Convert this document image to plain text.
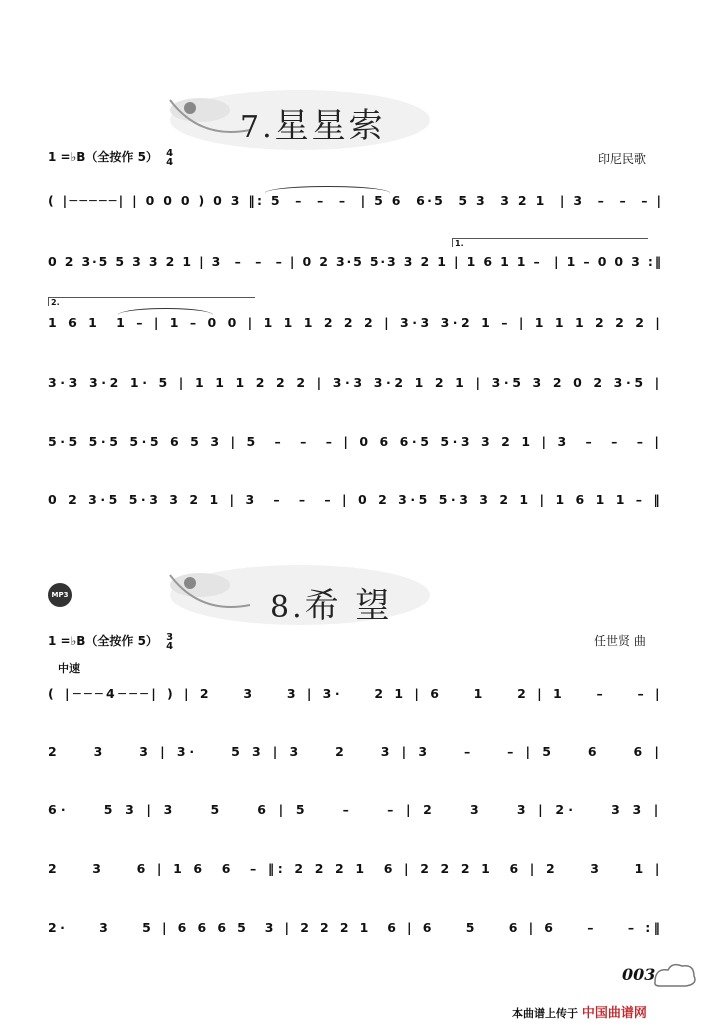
7.星星索
1 =♭B（全按作 5） 4
4	印尼民歌
( |─────| | 0 0 0 ) 0 3 ‖: 5  –  –  –  | 5 6  6·5  5 3  3 2 1  | 3  –  –  – |
0 2 3·5 5 3 3 2 1 | 3  –  –  – | 0 2 3·5 5·3 3 2 1 | 1 6 1 1 –  | 1 – 0 0 3 :‖
1.
1 6 1  1 – | 1 – 0 0 | 1 1 1 2 2 2 | 3·3 3·2 1 – | 1 1 1 2 2 2 |
2.
3·3 3·2 1· 5 | 1 1 1 2 2 2 | 3·3 3·2 1 2 1 | 3·5 3 2 0 2 3·5 |
5·5 5·5 5·5 6 5 3 | 5  –  –  – | 0 6 6·5 5·3 3 2 1 | 3  –  –  – |
0 2 3·5 5·3 3 2 1 | 3  –  –  – | 0 2 3·5 5·3 3 2 1 | 1 6 1 1 – ‖
MP3	8.希 望
1 =♭B（全按作 5） 3
4	任世贤 曲
中速
( |───4───| ) | 2    3    3 | 3·    2 1 | 6    1    2 | 1    –    – |
2    3    3 | 3·    5 3 | 3    2    3 | 3    –    – | 5    6    6 |
6·    5 3 | 3    5    6 | 5    –    – | 2    3    3 | 2·    3 3 |
2    3    6 | 1 6  6  – ‖: 2 2 2 1  6 | 2 2 2 1  6 | 2    3    1 |
2·    3    5 | 6 6 6 5  3 | 2 2 2 1  6 | 6    5    6 | 6    –    – :‖
003
本曲谱上传于 中国曲谱网
